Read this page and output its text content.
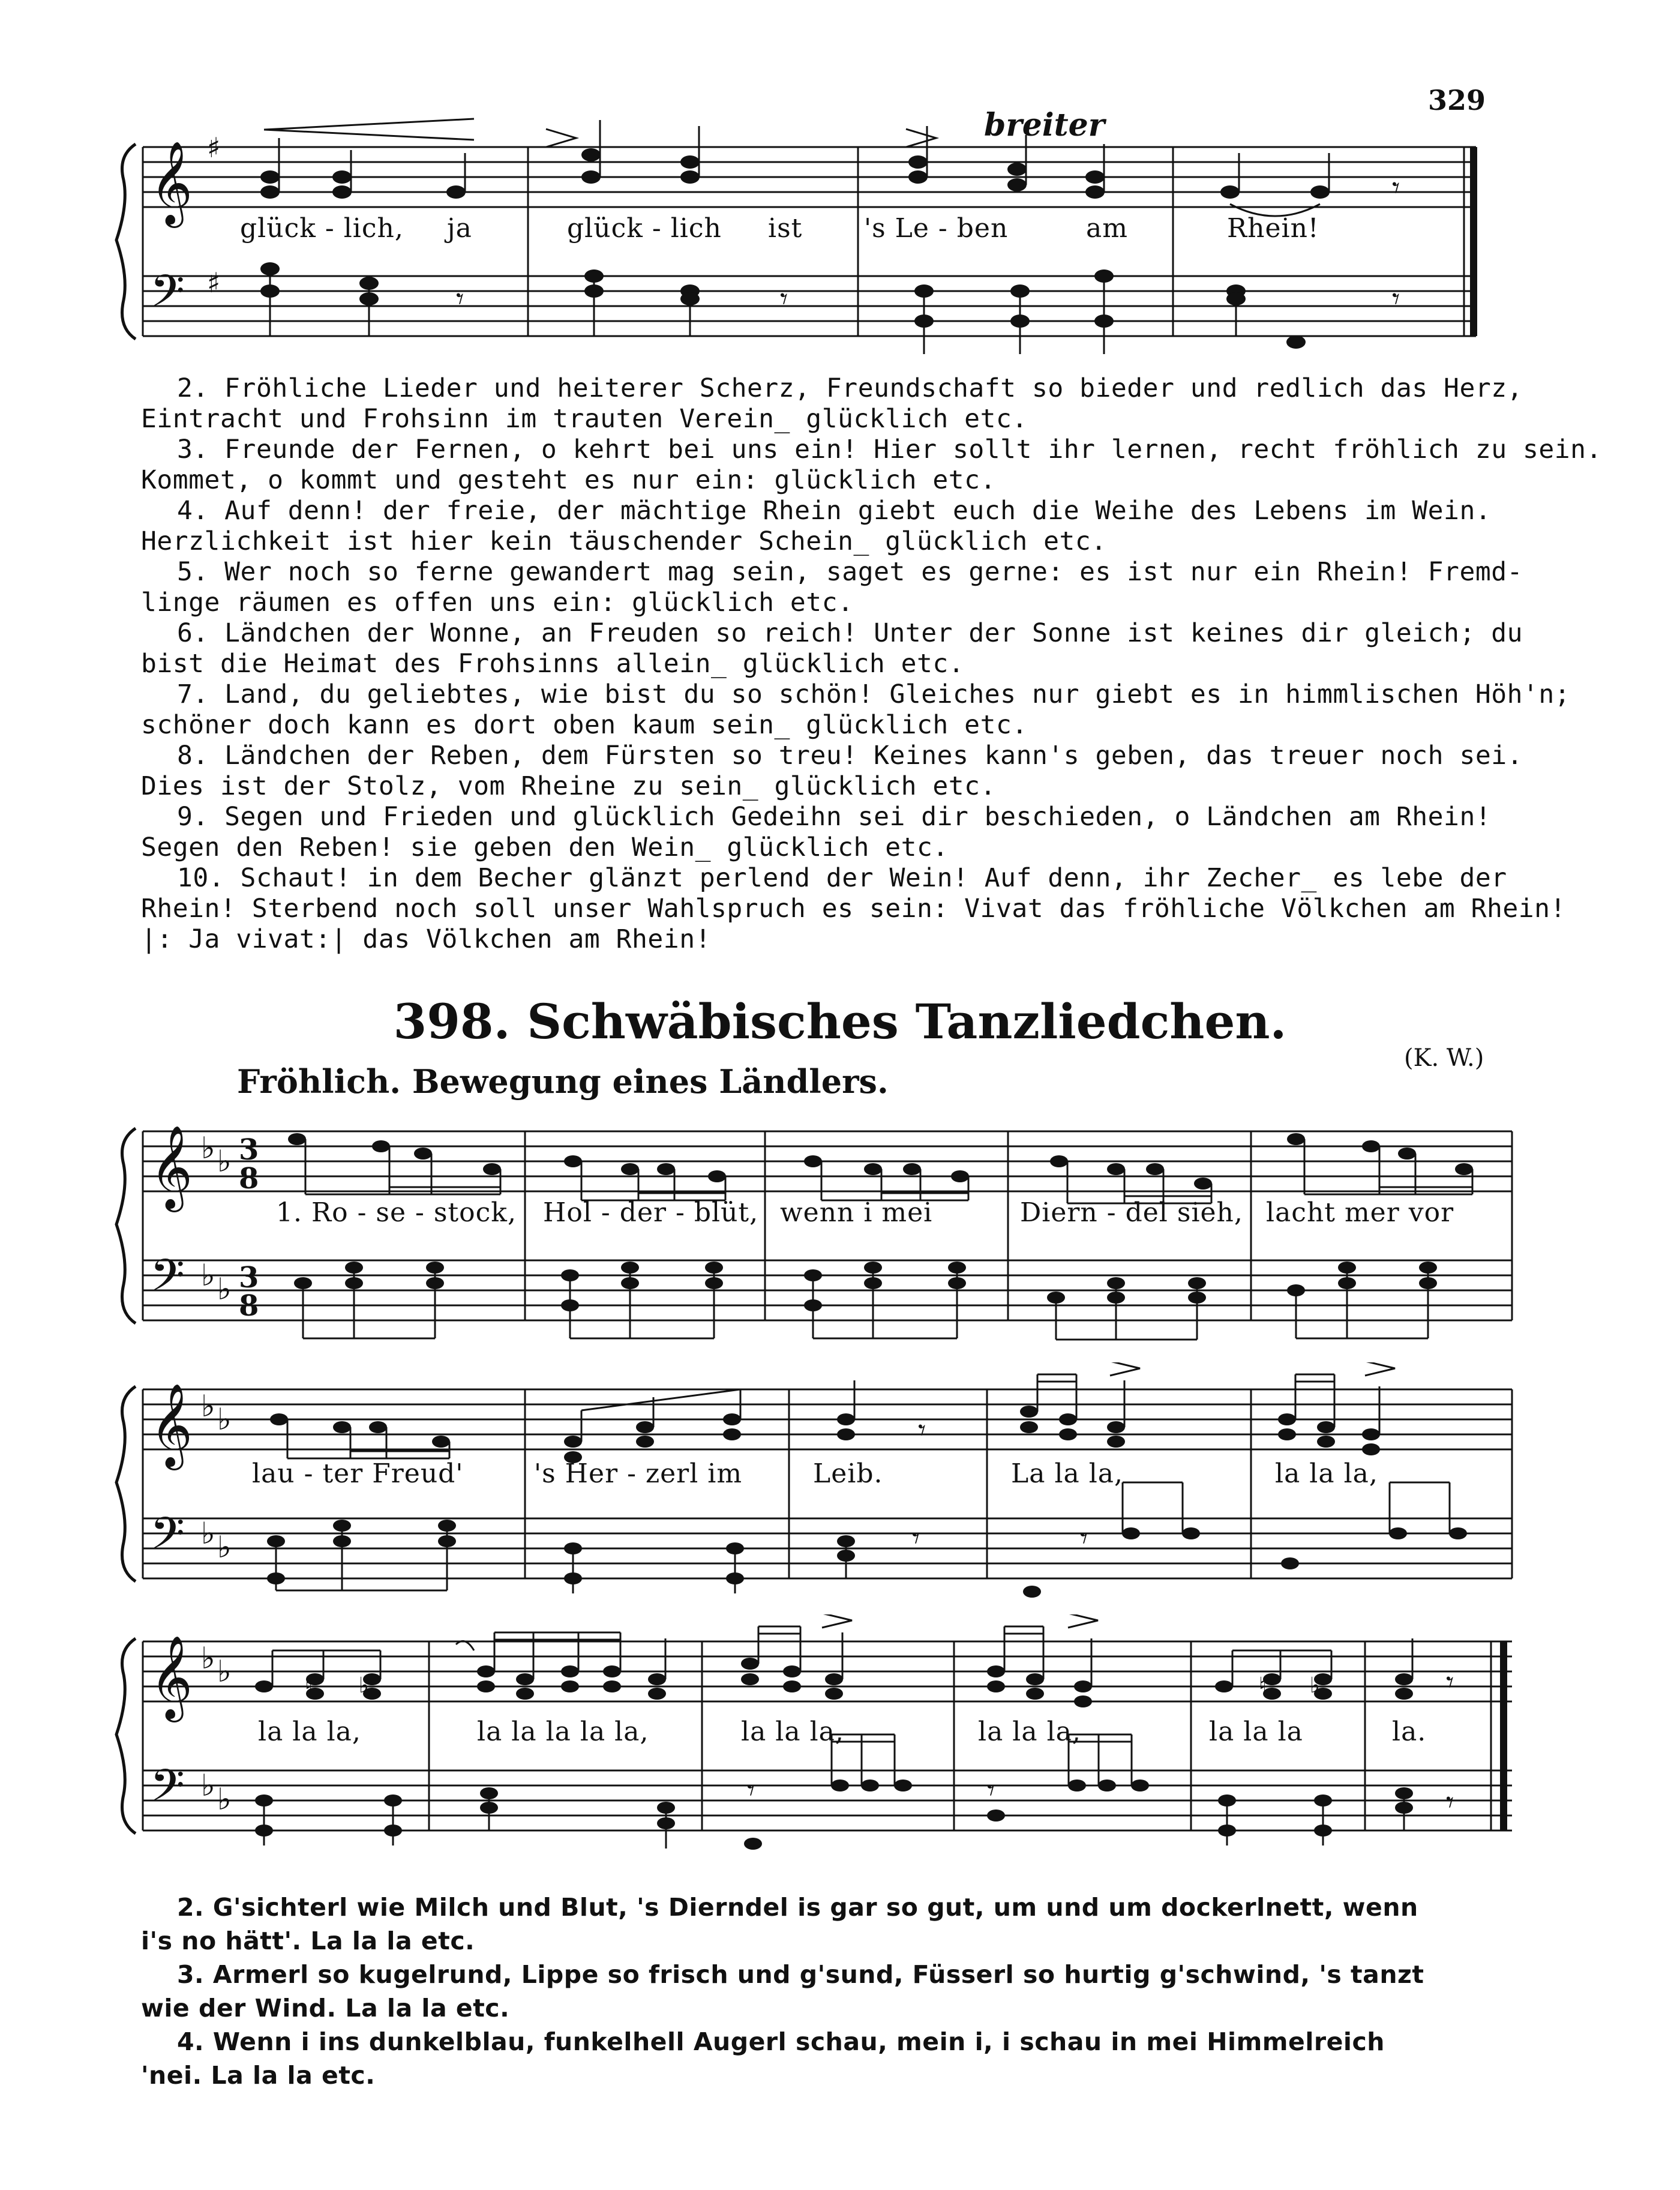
329
breiter
𝄞
𝄢
♯
♯	𝄾	𝄾	𝄾
𝄾
glück - lich, ja	glück - lich ist 's Le - ben	am	Rhein!
2. Fröhliche Lieder und heiterer Scherz, Freundschaft so bieder und redlich das Herz,
Eintracht und Frohsinn im trauten Verein_ glücklich etc.
3. Freunde der Fernen, o kehrt bei uns ein! Hier sollt ihr lernen, recht fröhlich zu sein.
Kommet, o kommt und gesteht es nur ein: glücklich etc.
4. Auf denn! der freie, der mächtige Rhein giebt euch die Weihe des Lebens im Wein.
Herzlichkeit ist hier kein täuschender Schein_ glücklich etc.
5. Wer noch so ferne gewandert mag sein, saget es gerne: es ist nur ein Rhein! Fremd-
linge räumen es offen uns ein: glücklich etc.
6. Ländchen der Wonne, an Freuden so reich! Unter der Sonne ist keines dir gleich; du
bist die Heimat des Frohsinns allein_ glücklich etc.
7. Land, du geliebtes, wie bist du so schön! Gleiches nur giebt es in himmlischen Höh'n;
schöner doch kann es dort oben kaum sein_ glücklich etc.
8. Ländchen der Reben, dem Fürsten so treu! Keines kann's geben, das treuer noch sei.
Dies ist der Stolz, vom Rheine zu sein_ glücklich etc.
9. Segen und Frieden und glücklich Gedeihn sei dir beschieden, o Ländchen am Rhein!
Segen den Reben! sie geben den Wein_ glücklich etc.
10. Schaut! in dem Becher glänzt perlend der Wein! Auf denn, ihr Zecher_ es lebe der
Rhein! Sterbend noch soll unser Wahlspruch es sein: Vivat das fröhliche Völkchen am Rhein!
|: Ja vivat:| das Völkchen am Rhein!
398. Schwäbisches Tanzliedchen.
(K. W.)
Fröhlich. Bewegung eines Ländlers.
𝄞
𝄢
♭ ♭
♭ ♭
3
8
3
8
1. Ro - se - stock, Hol - der - blüt, wenn i mei	Diern - del sieh, lacht mer vor
𝄞
𝄢
♭ ♭
♭ ♭
𝄾
𝄾	𝄾
lau - ter Freud'	's Her - zerl im	Leib.	La la la,	la la la,
𝄞
𝄢
♭ ♭
♭ ♭
♮ ♭	♮ ♭	𝄾
𝄾
𝄾	𝄾
la la la,	la la la la la,	la la la,	la la la,	la la la	la.
2. G'sichterl wie Milch und Blut, 's Dierndel is gar so gut, um und um dockerlnett, wenn
i's no hätt'. La la la etc.
3. Armerl so kugelrund, Lippe so frisch und g'sund, Füsserl so hurtig g'schwind, 's tanzt
wie der Wind. La la la etc.
4. Wenn i ins dunkelblau, funkelhell Augerl schau, mein i, i schau in mei Himmelreich
'nei. La la la etc.
